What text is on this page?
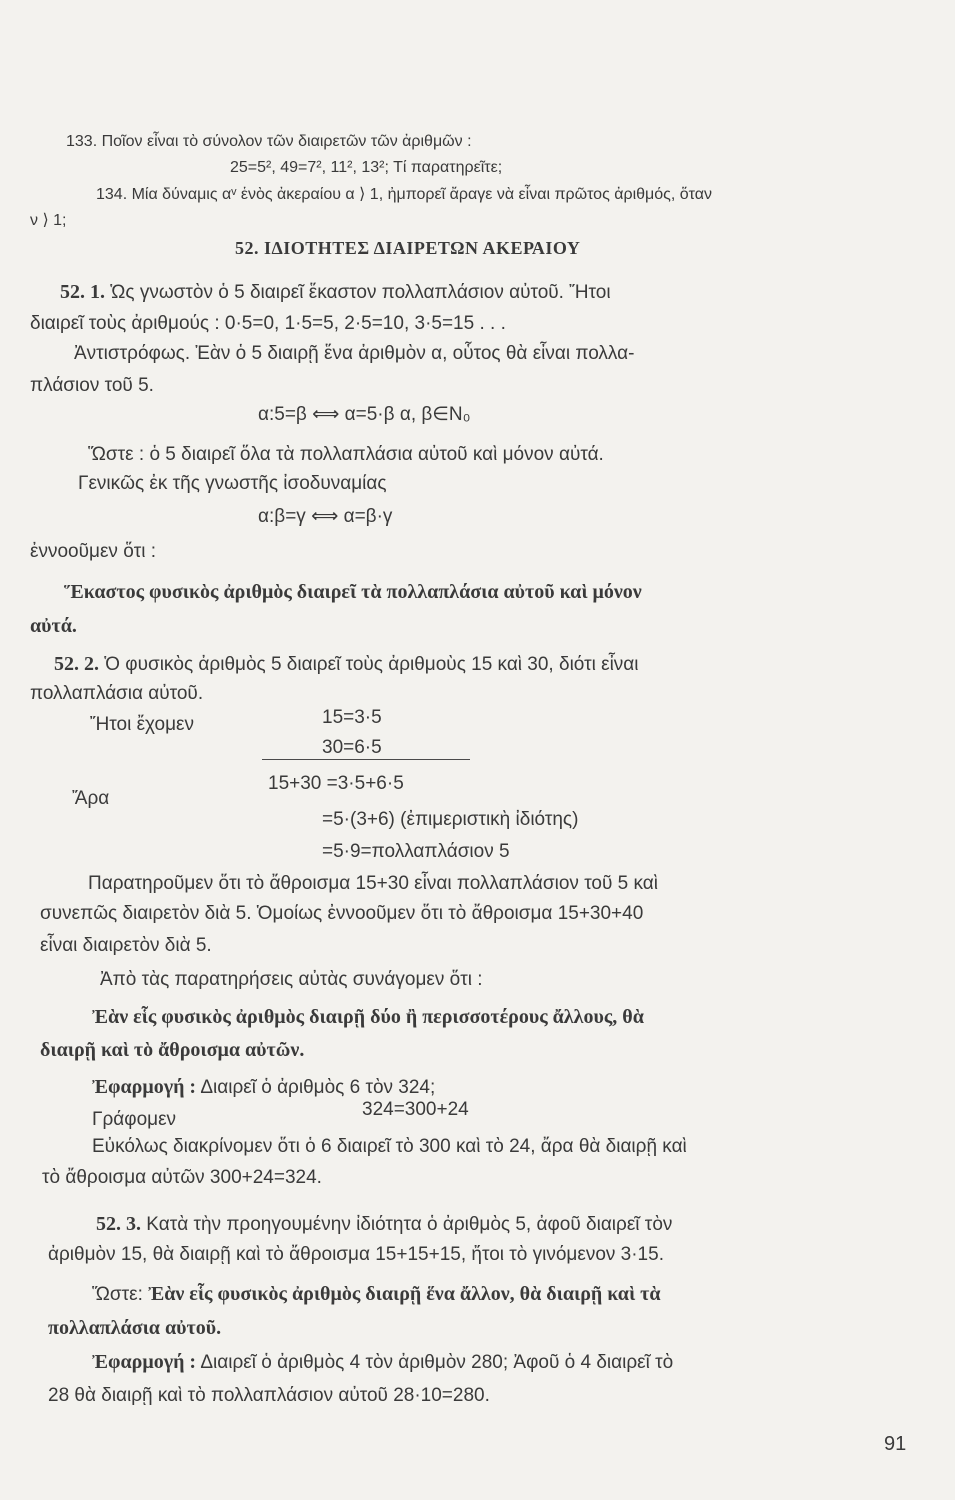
133. Ποῖον εἶναι τὸ σύνολον τῶν διαιρετῶν τῶν ἀριθμῶν :
25=5², 49=7², 11², 13²; Τί παρατηρεῖτε;
134. Μία δύναμις αᵛ ἑνὸς ἀκεραίου α ⟩ 1, ἠμπορεῖ ἄραγε νὰ εἶναι πρῶτος ἀριθμός, ὅταν
ν ⟩ 1;
52. ΙΔΙΟΤΗΤΕΣ ΔΙΑΙΡΕΤΩΝ ΑΚΕΡΑΙΟΥ
52. 1. Ὡς γνωστὸν ὁ 5 διαιρεῖ ἕκαστον πολλαπλάσιον αὐτοῦ. Ἤτοι
διαιρεῖ τοὺς ἀριθμούς : 0·5=0, 1·5=5, 2·5=10, 3·5=15 . . .
Ἀντιστρόφως. Ἐὰν ὁ 5 διαιρῇ ἕνα ἀριθμὸν α, οὗτος θὰ εἶναι πολλα-
πλάσιον τοῦ 5.
α:5=β ⟺ α=5·β α, β∈N₀
Ὥστε : ὁ 5 διαιρεῖ ὅλα τὰ πολλαπλάσια αὐτοῦ καὶ μόνον αὐτά.
Γενικῶς ἐκ τῆς γνωστῆς ἰσοδυναμίας
α:β=γ ⟺ α=β·γ
ἐννοοῦμεν ὅτι :
Ἕκαστος φυσικὸς ἀριθμὸς διαιρεῖ τὰ πολλαπλάσια αὐτοῦ καὶ μόνον
αὐτά.
52. 2. Ὁ φυσικὸς ἀριθμὸς 5 διαιρεῖ τοὺς ἀριθμοὺς 15 καὶ 30, διότι εἶναι
πολλαπλάσια αὐτοῦ.
Ἤτοι ἔχομεν	15=3·5
30=6·5
Ἄρα
15+30 =3·5+6·5
=5·(3+6) (ἐπιμεριστικὴ ἰδιότης)
=5·9=πολλαπλάσιον 5
Παρατηροῦμεν ὅτι τὸ ἄθροισμα 15+30 εἶναι πολλαπλάσιον τοῦ 5 καὶ
συνεπῶς διαιρετὸν διὰ 5. Ὁμοίως ἐννοοῦμεν ὅτι τὸ ἄθροισμα 15+30+40
εἶναι διαιρετὸν διὰ 5.
Ἀπὸ τὰς παρατηρήσεις αὐτὰς συνάγομεν ὅτι :
Ἐὰν εἷς φυσικὸς ἀριθμὸς διαιρῇ δύο ἢ περισσοτέρους ἄλλους, θὰ
διαιρῇ καὶ τὸ ἄθροισμα αὐτῶν.
Ἐφαρμογή : Διαιρεῖ ὁ ἀριθμὸς 6 τὸν 324;
Γράφομεν	324=300+24
Εὐκόλως διακρίνομεν ὅτι ὁ 6 διαιρεῖ τὸ 300 καὶ τὸ 24, ἄρα θὰ διαιρῇ καὶ
τὸ ἄθροισμα αὐτῶν 300+24=324.
52. 3. Κατὰ τὴν προηγουμένην ἰδιότητα ὁ ἀριθμὸς 5, ἀφοῦ διαιρεῖ τὸν
ἀριθμὸν 15, θὰ διαιρῇ καὶ τὸ ἄθροισμα 15+15+15, ἤτοι τὸ γινόμενον 3·15.
Ὥστε: Ἐὰν εἷς φυσικὸς ἀριθμὸς διαιρῇ ἕνα ἄλλον, θὰ διαιρῇ καὶ τὰ
πολλαπλάσια αὐτοῦ.
Ἐφαρμογή : Διαιρεῖ ὁ ἀριθμὸς 4 τὸν ἀριθμὸν 280; Ἀφοῦ ὁ 4 διαιρεῖ τὸ
28 θὰ διαιρῇ καὶ τὸ πολλαπλάσιον αὐτοῦ 28·10=280.
91
